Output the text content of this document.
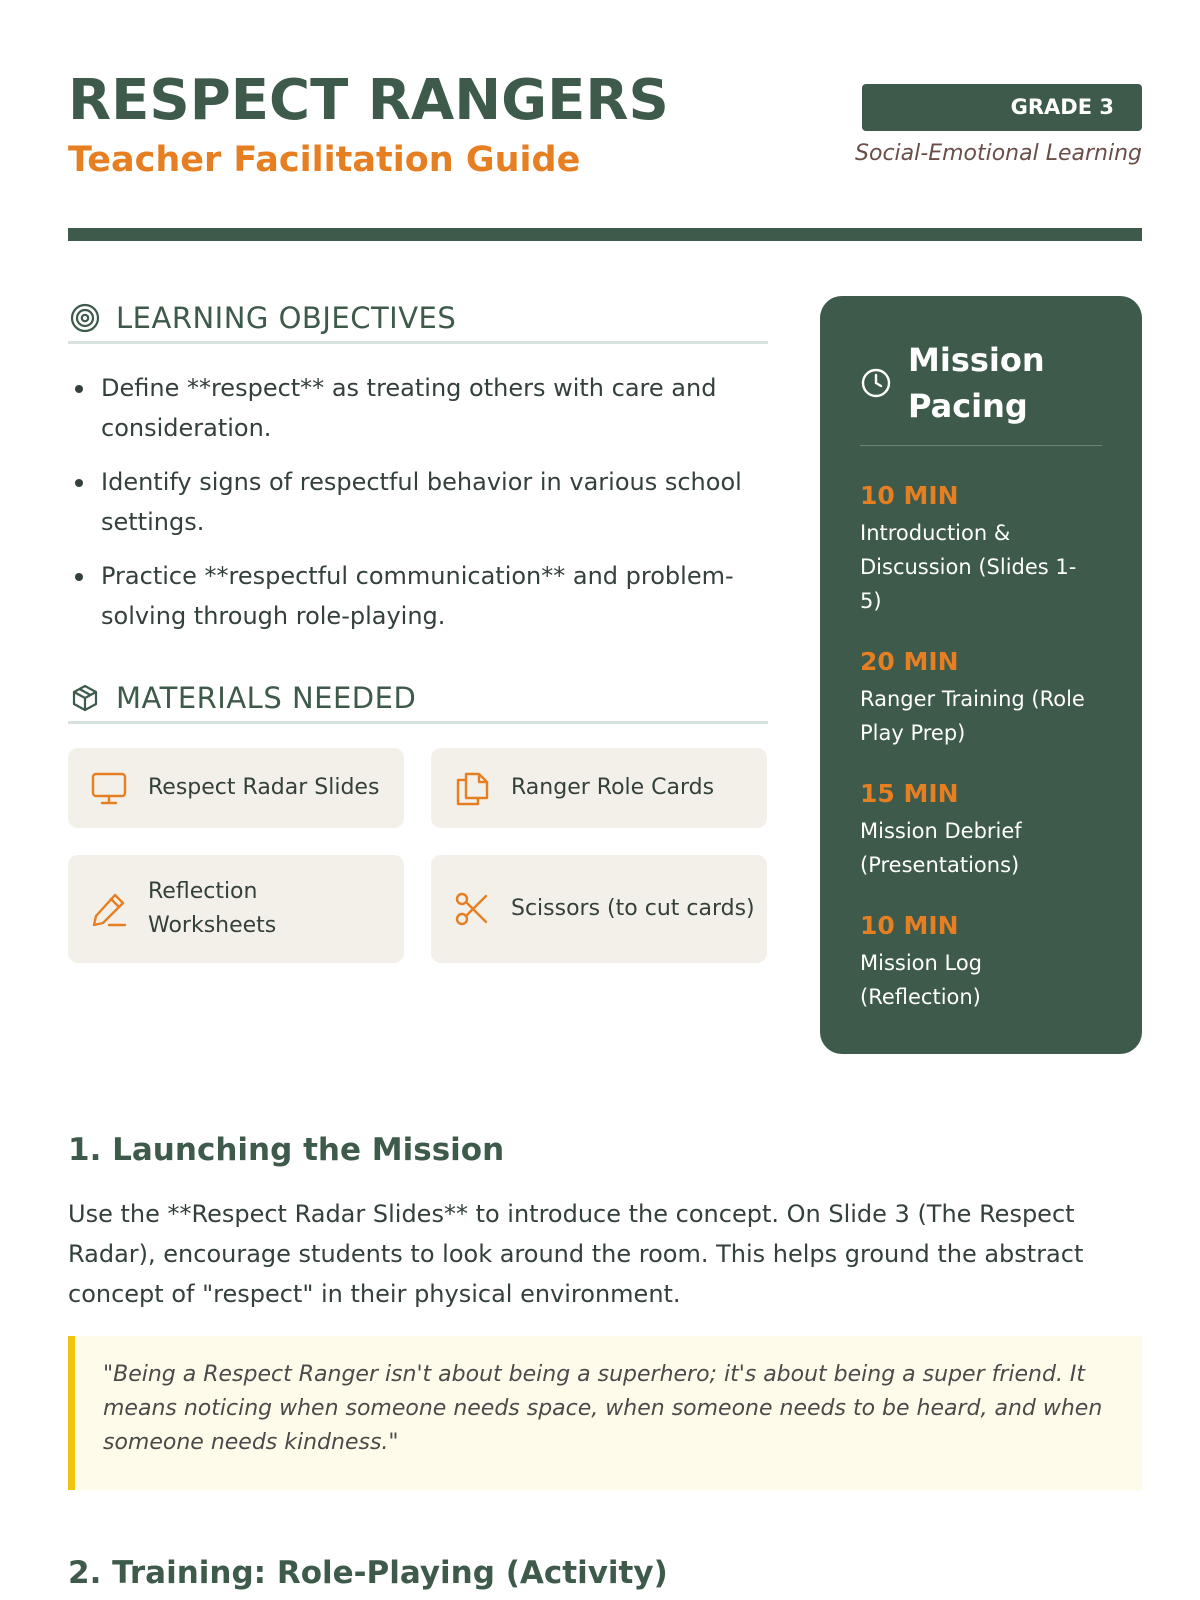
RESPECT RANGERS
Teacher Facilitation Guide
GRADE 3
Social-Emotional Learning
LEARNING OBJECTIVES
Define **respect** as treating others with care and consideration.
Identify signs of respectful behavior in various school settings.
Practice **respectful communication** and problem-solving through role-playing.
MATERIALS NEEDED
Respect Radar Slides	Ranger Role Cards
Reflection Worksheets
Scissors (to cut cards)
Mission Pacing
10 MIN
Introduction & Discussion (Slides 1-5)
20 MIN
Ranger Training (Role Play Prep)
15 MIN
Mission Debrief (Presentations)
10 MIN
Mission Log (Reflection)
1. Launching the Mission
Use the **Respect Radar Slides** to introduce the concept. On Slide 3 (The Respect Radar), encourage students to look around the room. This helps ground the abstract concept of "respect" in their physical environment.

"Being a Respect Ranger isn't about being a superhero; it's about being a super friend. It means noticing when someone needs space, when someone needs to be heard, and when someone needs kindness."

2. Training: Role-Playing (Activity)
